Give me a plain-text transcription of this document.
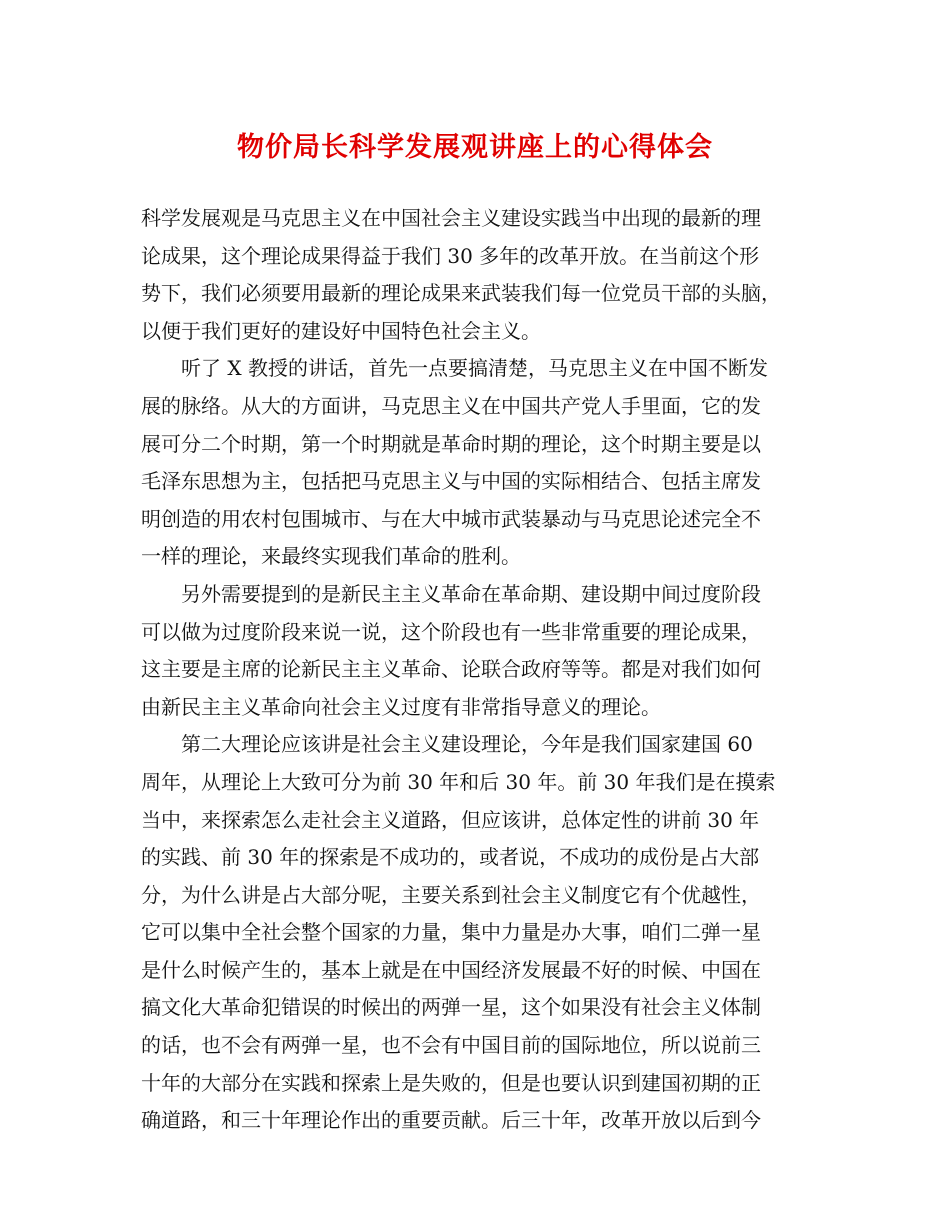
物价局长科学发展观讲座上的心得体会
科学发展观是马克思主义在中国社会主义建设实践当中出现的最新的理
论成果，这个理论成果得益于我们 30 多年的改革开放。在当前这个形
势下，我们必须要用最新的理论成果来武装我们每一位党员干部的头脑，
以便于我们更好的建设好中国特色社会主义。
听了 X 教授的讲话，首先一点要搞清楚，马克思主义在中国不断发
展的脉络。从大的方面讲，马克思主义在中国共产党人手里面，它的发
展可分二个时期，第一个时期就是革命时期的理论，这个时期主要是以
毛泽东思想为主，包括把马克思主义与中国的实际相结合、包括主席发
明创造的用农村包围城市、与在大中城市武装暴动与马克思论述完全不
一样的理论，来最终实现我们革命的胜利。
另外需要提到的是新民主主义革命在革命期、建设期中间过度阶段
可以做为过度阶段来说一说，这个阶段也有一些非常重要的理论成果，
这主要是主席的论新民主主义革命、论联合政府等等。都是对我们如何
由新民主主义革命向社会主义过度有非常指导意义的理论。
第二大理论应该讲是社会主义建设理论，今年是我们国家建国 60
周年，从理论上大致可分为前 30 年和后 30 年。前 30 年我们是在摸索
当中，来探索怎么走社会主义道路，但应该讲，总体定性的讲前 30 年
的实践、前 30 年的探索是不成功的，或者说，不成功的成份是占大部
分，为什么讲是占大部分呢，主要关系到社会主义制度它有个优越性，
它可以集中全社会整个国家的力量，集中力量是办大事，咱们二弹一星
是什么时候产生的，基本上就是在中国经济发展最不好的时候、中国在
搞文化大革命犯错误的时候出的两弹一星，这个如果没有社会主义体制
的话，也不会有两弹一星，也不会有中国目前的国际地位，所以说前三
十年的大部分在实践和探索上是失败的，但是也要认识到建国初期的正
确道路，和三十年理论作出的重要贡献。后三十年，改革开放以后到今
